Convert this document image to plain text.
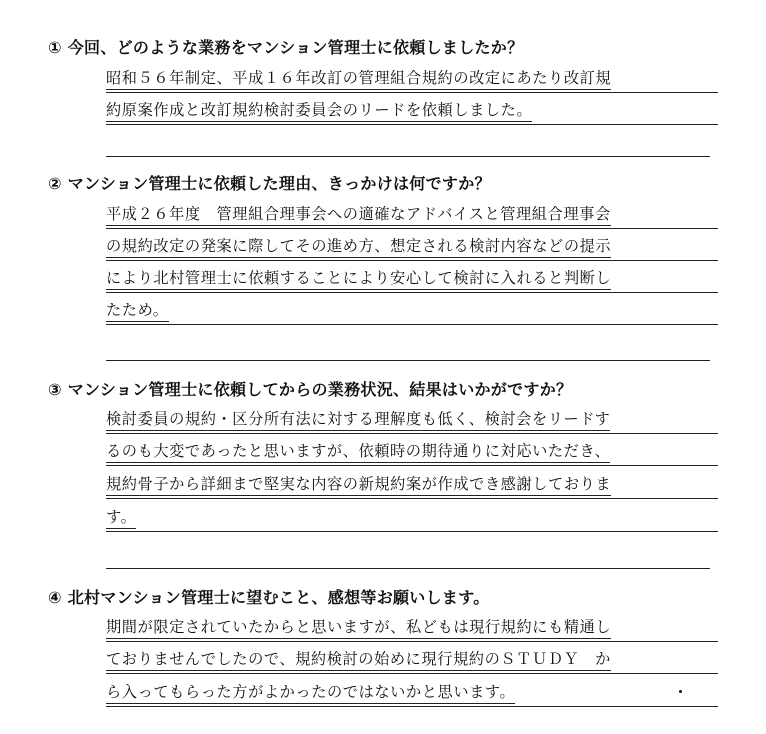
① 今回、どのような業務をマンション管理士に依頼しましたか？
昭和５６年制定、平成１６年改訂の管理組合規約の改定にあたり改訂規
約原案作成と改訂規約検討委員会のリードを依頼しました。
② マンション管理士に依頼した理由、きっかけは何ですか？
平成２６年度　管理組合理事会への適確なアドバイスと管理組合理事会
の規約改定の発案に際してその進め方、想定される検討内容などの提示
により北村管理士に依頼することにより安心して検討に入れると判断し
たため。
③ マンション管理士に依頼してからの業務状況、結果はいかがですか？
検討委員の規約・区分所有法に対する理解度も低く、検討会をリードす
るのも大変であったと思いますが、依頼時の期待通りに対応いただき、
規約骨子から詳細まで堅実な内容の新規約案が作成でき感謝しておりま
す。
④ 北村マンション管理士に望むこと、感想等お願いします。
期間が限定されていたからと思いますが、私どもは現行規約にも精通し
ておりませんでしたので、規約検討の始めに現行規約のＳＴＵＤＹ　か
ら入ってもらった方がよかったのではないかと思います。
